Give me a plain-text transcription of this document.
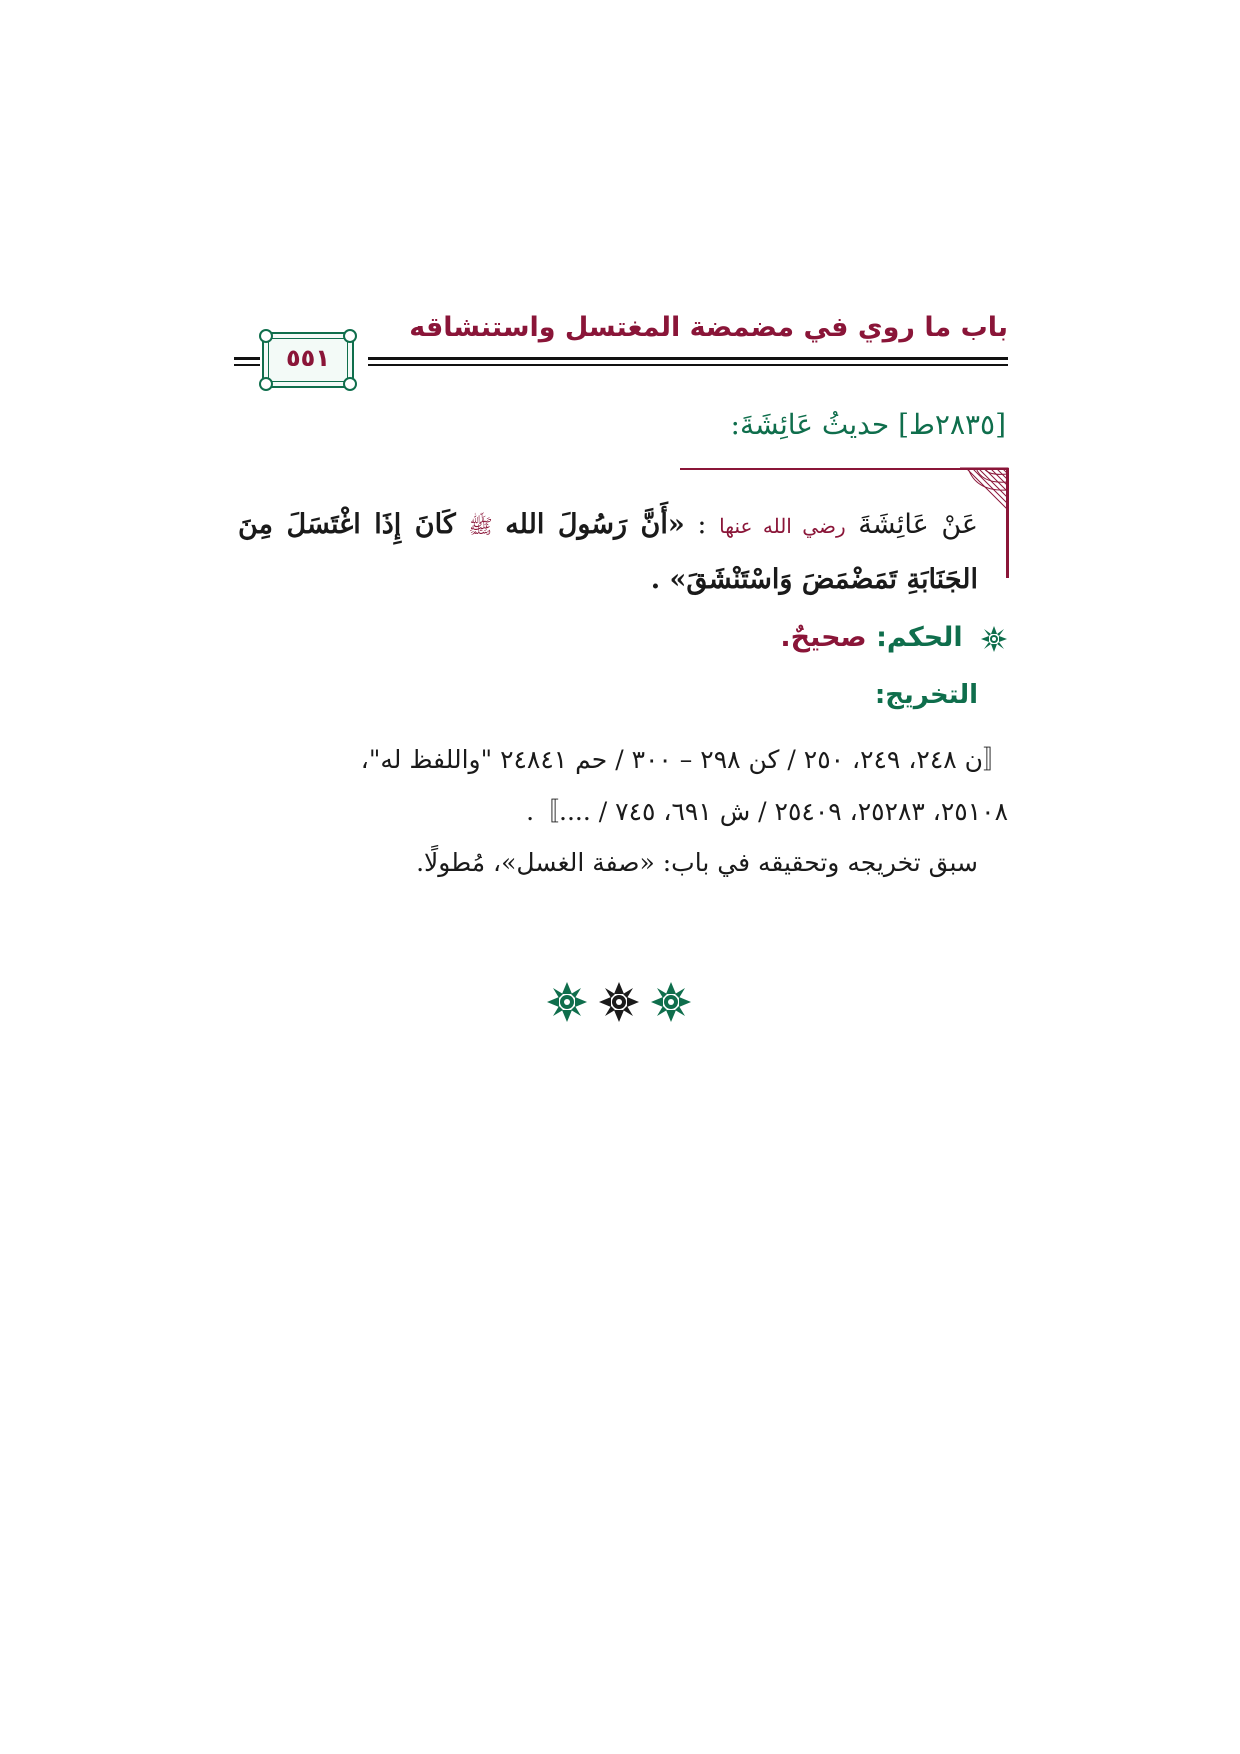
باب ما روي في مضمضة المغتسل واستنشاقه
٥٥١
[٢٨٣٥ط] حديثُ عَائِشَةَ:
عَنْ عَائِشَةَ رضي الله عنها : «أَنَّ رَسُولَ الله ﷺ كَانَ إِذَا اغْتَسَلَ مِنَ الجَنَابَةِ تَمَضْمَضَ وَاسْتَنْشَقَ» .
الحكم: صحيحٌ.
التخريج:
〚ن ٢٤٨، ٢٤٩، ٢٥٠ / كن ٢٩٨ – ٣٠٠ / حم ٢٤٨٤١ "واللفظ له"،
٢٥١٠٨، ٢٥٢٨٣، ٢٥٤٠٩ / ش ٦٩١، ٧٤٥ / ....〛.
سبق تخريجه وتحقيقه في باب: «صفة الغسل»، مُطولًا.
